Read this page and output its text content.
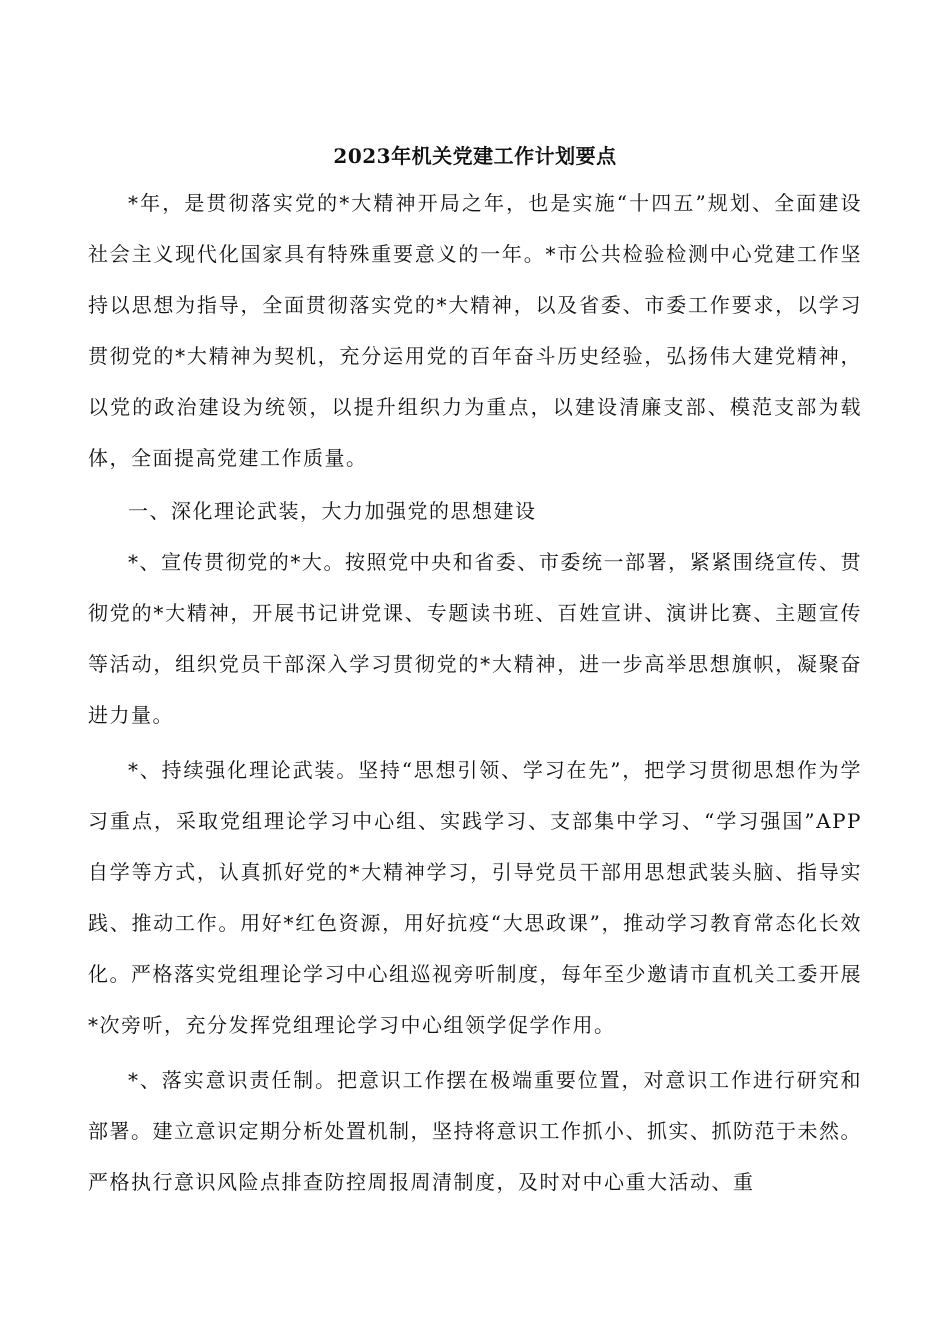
2023年机关党建工作计划要点

*年，是贯彻落实党的*大精神开局之年，也是实施“十四五”规划、全面建设社会主义现代化国家具有特殊重要意义的一年。*市公共检验检测中心党建工作坚持以思想为指导，全面贯彻落实党的*大精神，以及省委、市委工作要求，以学习贯彻党的*大精神为契机，充分运用党的百年奋斗历史经验，弘扬伟大建党精神，以党的政治建设为统领，以提升组织力为重点，以建设清廉支部、模范支部为载体，全面提高党建工作质量。

一、深化理论武装，大力加强党的思想建设

*、宣传贯彻党的*大。按照党中央和省委、市委统一部署，紧紧围绕宣传、贯彻党的*大精神，开展书记讲党课、专题读书班、百姓宣讲、演讲比赛、主题宣传等活动，组织党员干部深入学习贯彻党的*大精神，进一步高举思想旗帜，凝聚奋进力量。

*、持续强化理论武装。坚持“思想引领、学习在先”，把学习贯彻思想作为学习重点，采取党组理论学习中心组、实践学习、支部集中学习、“学习强国”APP自学等方式，认真抓好党的*大精神学习，引导党员干部用思想武装头脑、指导实践、推动工作。用好*红色资源，用好抗疫“大思政课”，推动学习教育常态化长效化。严格落实党组理论学习中心组巡视旁听制度，每年至少邀请市直机关工委开展*次旁听，充分发挥党组理论学习中心组领学促学作用。

*、落实意识责任制。把意识工作摆在极端重要位置，对意识工作进行研究和部署。建立意识定期分析处置机制，坚持将意识工作抓小、抓实、抓防范于未然。严格执行意识风险点排查防控周报周清制度，及时对中心重大活动、重
